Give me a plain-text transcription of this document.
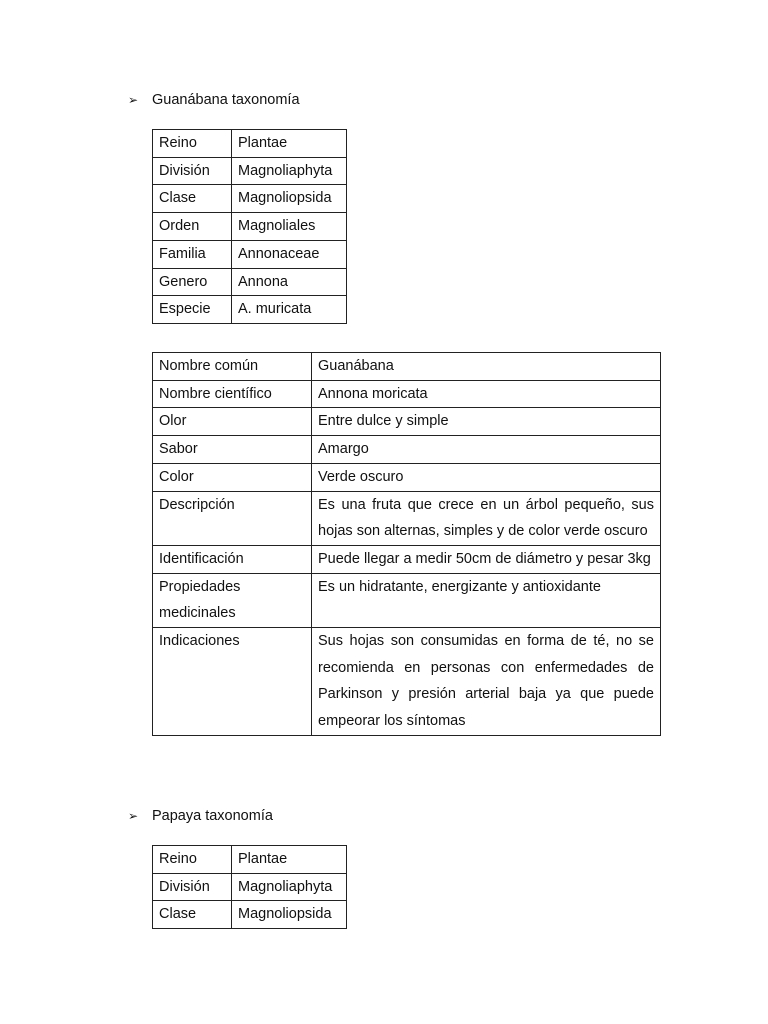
➢ Guanábana taxonomía
Reino	Plantae
División	Magnoliaphyta
Clase	Magnoliopsida
Orden	Magnoliales
Familia	Annonaceae
Genero	Annona
Especie	A. muricata
Nombre común	Guanábana
Nombre científico	Annona moricata
Olor	Entre dulce y simple
Sabor	Amargo
Color	Verde oscuro
Descripción	Es una fruta que crece en un árbol pequeño, sus hojas son alternas, simples y de color verde oscuro
Identificación	Puede llegar a medir 50cm de diámetro y pesar 3kg
Propiedades medicinales	Es un hidratante, energizante y antioxidante
Indicaciones	Sus hojas son consumidas en forma de té, no se recomienda en personas con enfermedades de Parkinson y presión arterial baja ya que puede empeorar los síntomas
➢ Papaya taxonomía
Reino	Plantae
División	Magnoliaphyta
Clase	Magnoliopsida
